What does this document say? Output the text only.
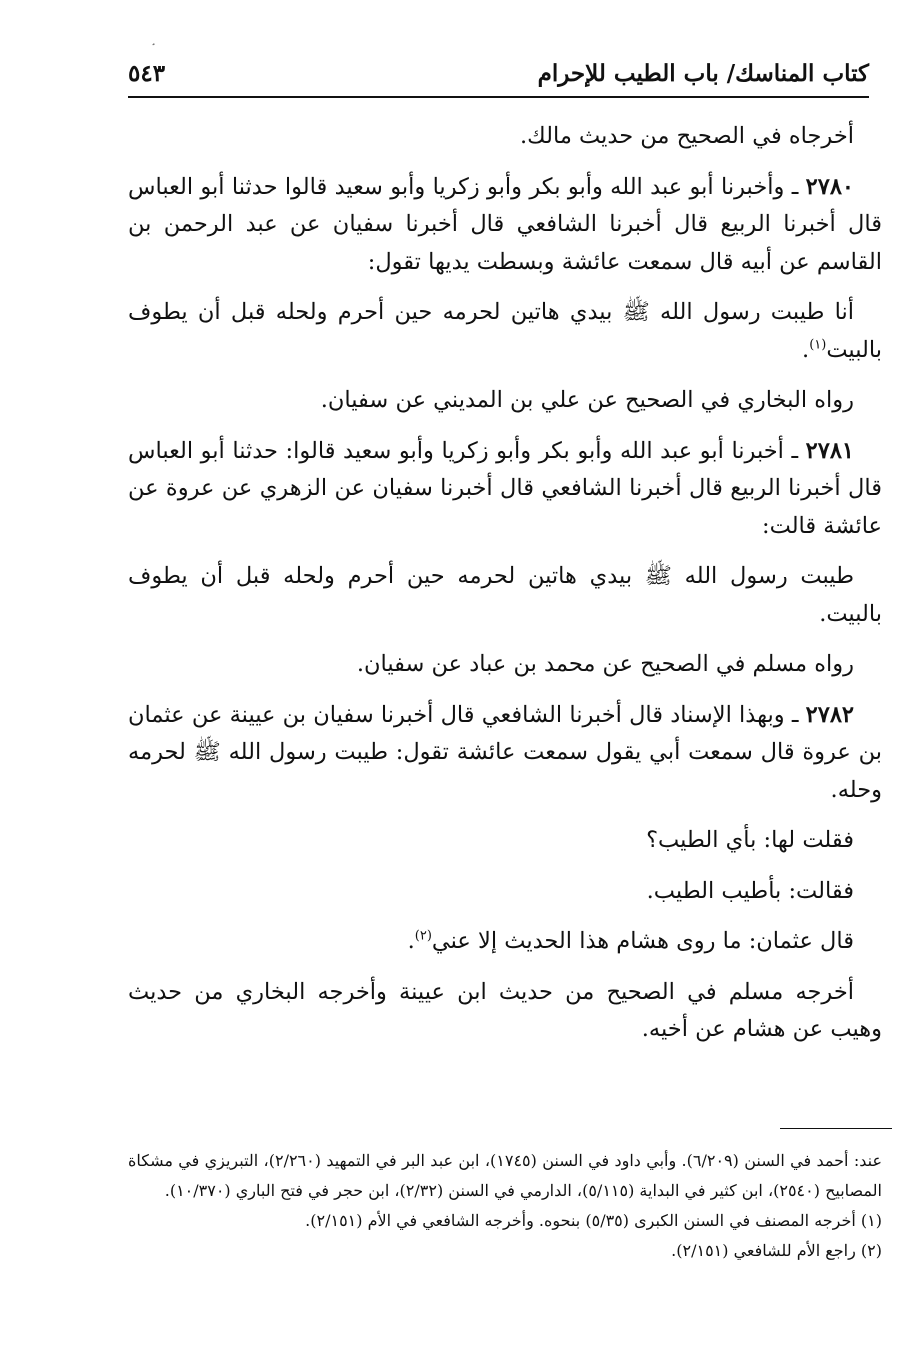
¸
كتاب المناسك/ باب الطيب للإحرام
٥٤٣

أخرجاه في الصحيح من حديث مالك.

٢٧٨٠ ـ وأخبرنا أبو عبد الله وأبو بكر وأبو زكريا وأبو سعيد قالوا حدثنا أبو العباس قال أخبرنا الربيع قال أخبرنا الشافعي قال أخبرنا سفيان عن عبد الرحمن بن القاسم عن أبيه قال سمعت عائشة وبسطت يديها تقول:

أنا طيبت رسول الله ﷺ بيدي هاتين لحرمه حين أحرم ولحله قبل أن يطوف بالبيت$^{(١)}$.

رواه البخاري في الصحيح عن علي بن المديني عن سفيان.

٢٧٨١ ـ أخبرنا أبو عبد الله وأبو بكر وأبو زكريا وأبو سعيد قالوا: حدثنا أبو العباس قال أخبرنا الربيع قال أخبرنا الشافعي قال أخبرنا سفيان عن الزهري عن عروة عن عائشة قالت:

طيبت رسول الله ﷺ بيدي هاتين لحرمه حين أحرم ولحله قبل أن يطوف بالبيت.

رواه مسلم في الصحيح عن محمد بن عباد عن سفيان.

٢٧٨٢ ـ وبهذا الإسناد قال أخبرنا الشافعي قال أخبرنا سفيان بن عيينة عن عثمان بن عروة قال سمعت أبي يقول سمعت عائشة تقول: طيبت رسول الله ﷺ لحرمه وحله.

فقلت لها: بأي الطيب؟

فقالت: بأطيب الطيب.

قال عثمان: ما روى هشام هذا الحديث إلا عني$^{(٢)}$.

أخرجه مسلم في الصحيح من حديث ابن عيينة وأخرجه البخاري من حديث وهيب عن هشام عن أخيه.

عند: أحمد في السنن (٦/٢٠٩). وأبي داود في السنن (١٧٤٥)، ابن عبد البر في التمهيد (٢/٢٦٠)، التبريزي في مشكاة المصابيح (٢٥٤٠)، ابن كثير في البداية (٥/١١٥)، الدارمي في السنن (٢/٣٢)، ابن حجر في فتح الباري (١٠/٣٧٠).

(١) أخرجه المصنف في السنن الكبرى (٥/٣٥) بنحوه. وأخرجه الشافعي في الأم (٢/١٥١).

(٢) راجع الأم للشافعي (٢/١٥١).
